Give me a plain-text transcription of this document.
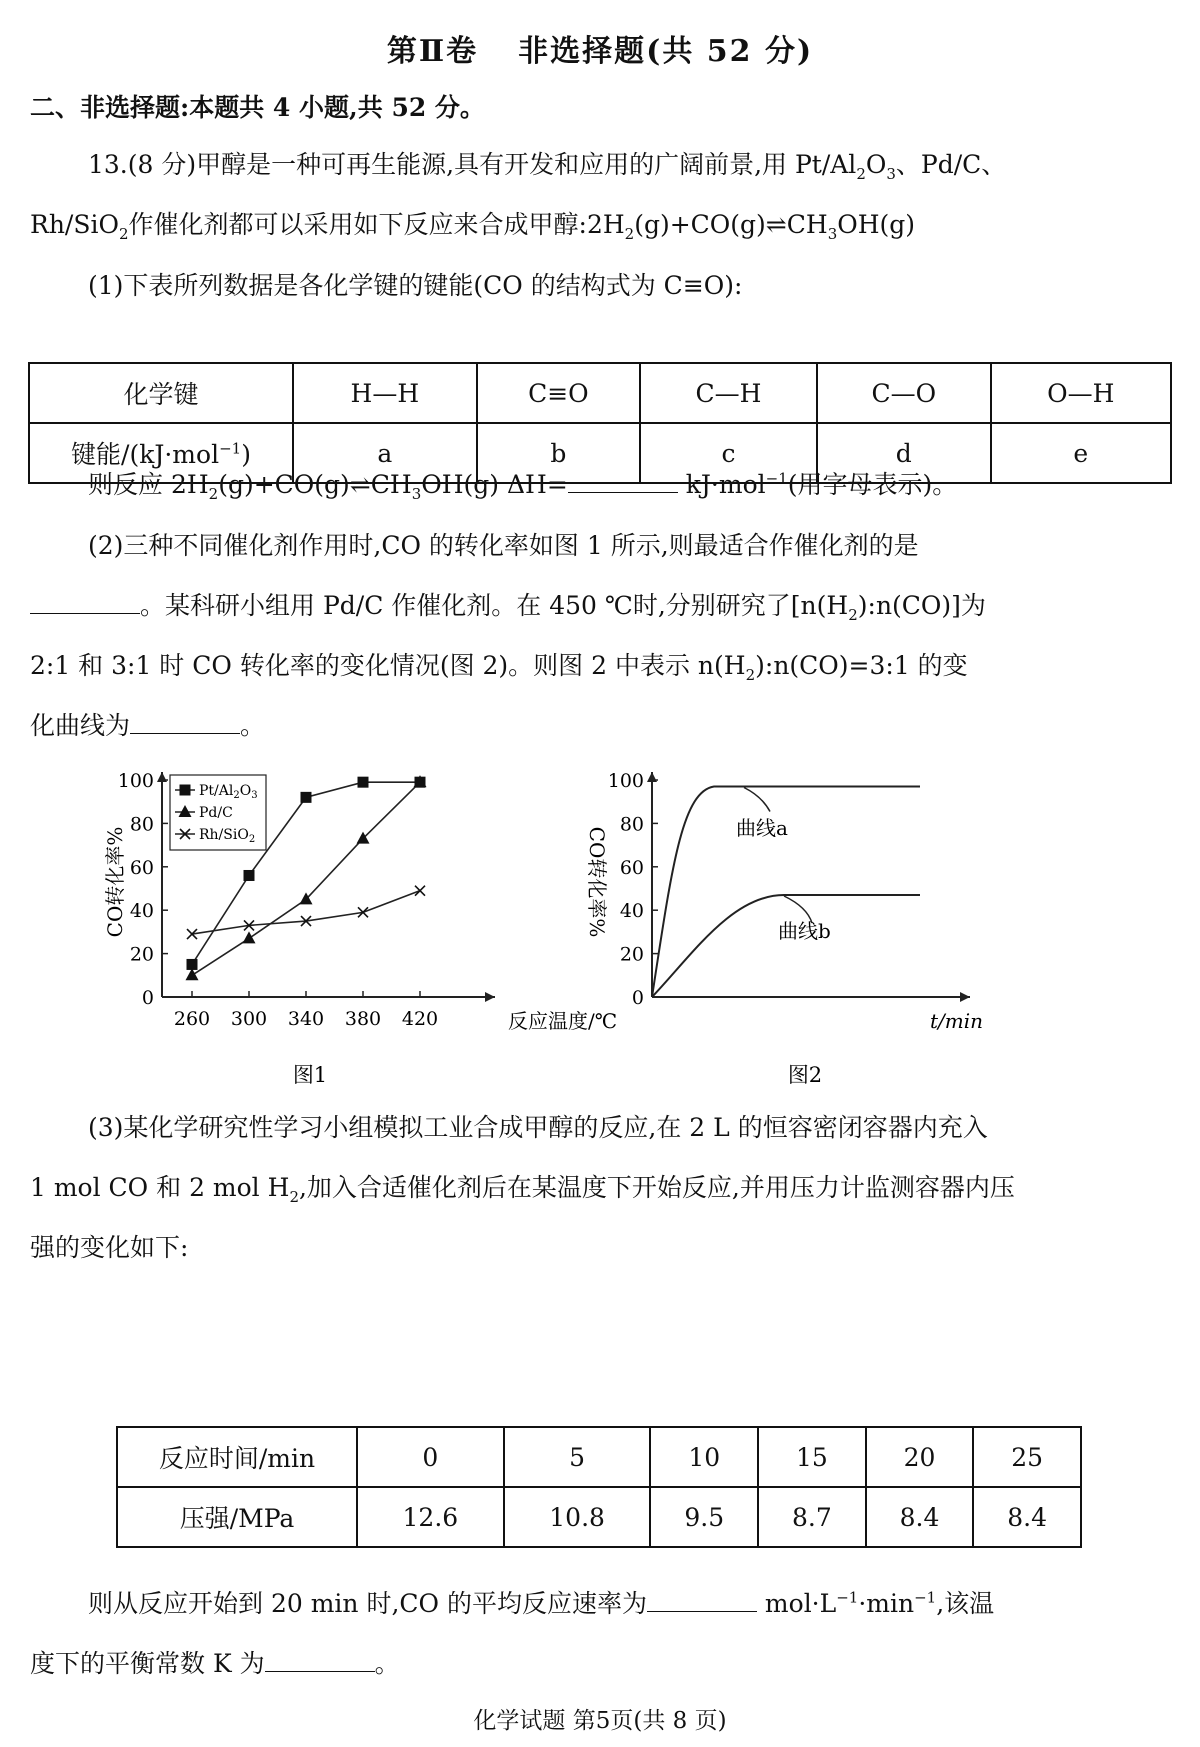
第Ⅱ卷 非选择题(共 52 分)
二、非选择题:本题共 4 小题,共 52 分。
13.(8 分)甲醇是一种可再生能源,具有开发和应用的广阔前景,用 $Pt/Al_2O_3$、Pd/C、
Rh/SiO$_2$作催化剂都可以采用如下反应来合成甲醇$:2H_2(g)+CO(g)\rightleftharpoons CH_3OH(g)$
(1)下表所列数据是各化学键的键能(CO 的结构式为 C≡O):
化学键	H—H	C≡O	C—H	C—O	O—H
键能/(kJ·mol$^{-1}$)	a	b	c	d	e
则反应 $2H_2(g)+CO(g)\rightleftharpoons CH_3OH(g)$ ΔH=	kJ·mol$^{-1}$(用字母表示)。
(2)三种不同催化剂作用时,CO 的转化率如图 1 所示,则最适合作催化剂的是
。某科研小组用 Pd/C 作催化剂。在 450 ℃时,分别研究了$[n(H_2):n(CO)]$为
2:1 和 3:1 时 CO 转化率的变化情况(图 2)。则图 2 中表示 $n(H_2):n(CO)=3:1$ 的变
化曲线为	。
0
20
40
60
80
100
260 300 340 380 420
$Pt/Al_2O_3$
Pd/C
Rh/SiO$_2$
CO转化率%
反应温度/℃
图1
0
20
40
60
80
100
曲线a
曲线b
CO转化率%
t/min
图2
(3)某化学研究性学习小组模拟工业合成甲醇的反应,在 2 L 的恒容密闭容器内充入
1 mol CO 和 2 mol $H_2$,加入合适催化剂后在某温度下开始反应,并用压力计监测容器内压
强的变化如下:
反应时间/min	0	5	10	15	20	25
压强/MPa	12.6	10.8	9.5	8.7	8.4	8.4
则从反应开始到 20 min 时,CO 的平均反应速率为	$mol\cdot L^{-1}\cdot\min^{-1}$,该温
度下的平衡常数 K 为	。
化学试题 第5页(共 8 页)
